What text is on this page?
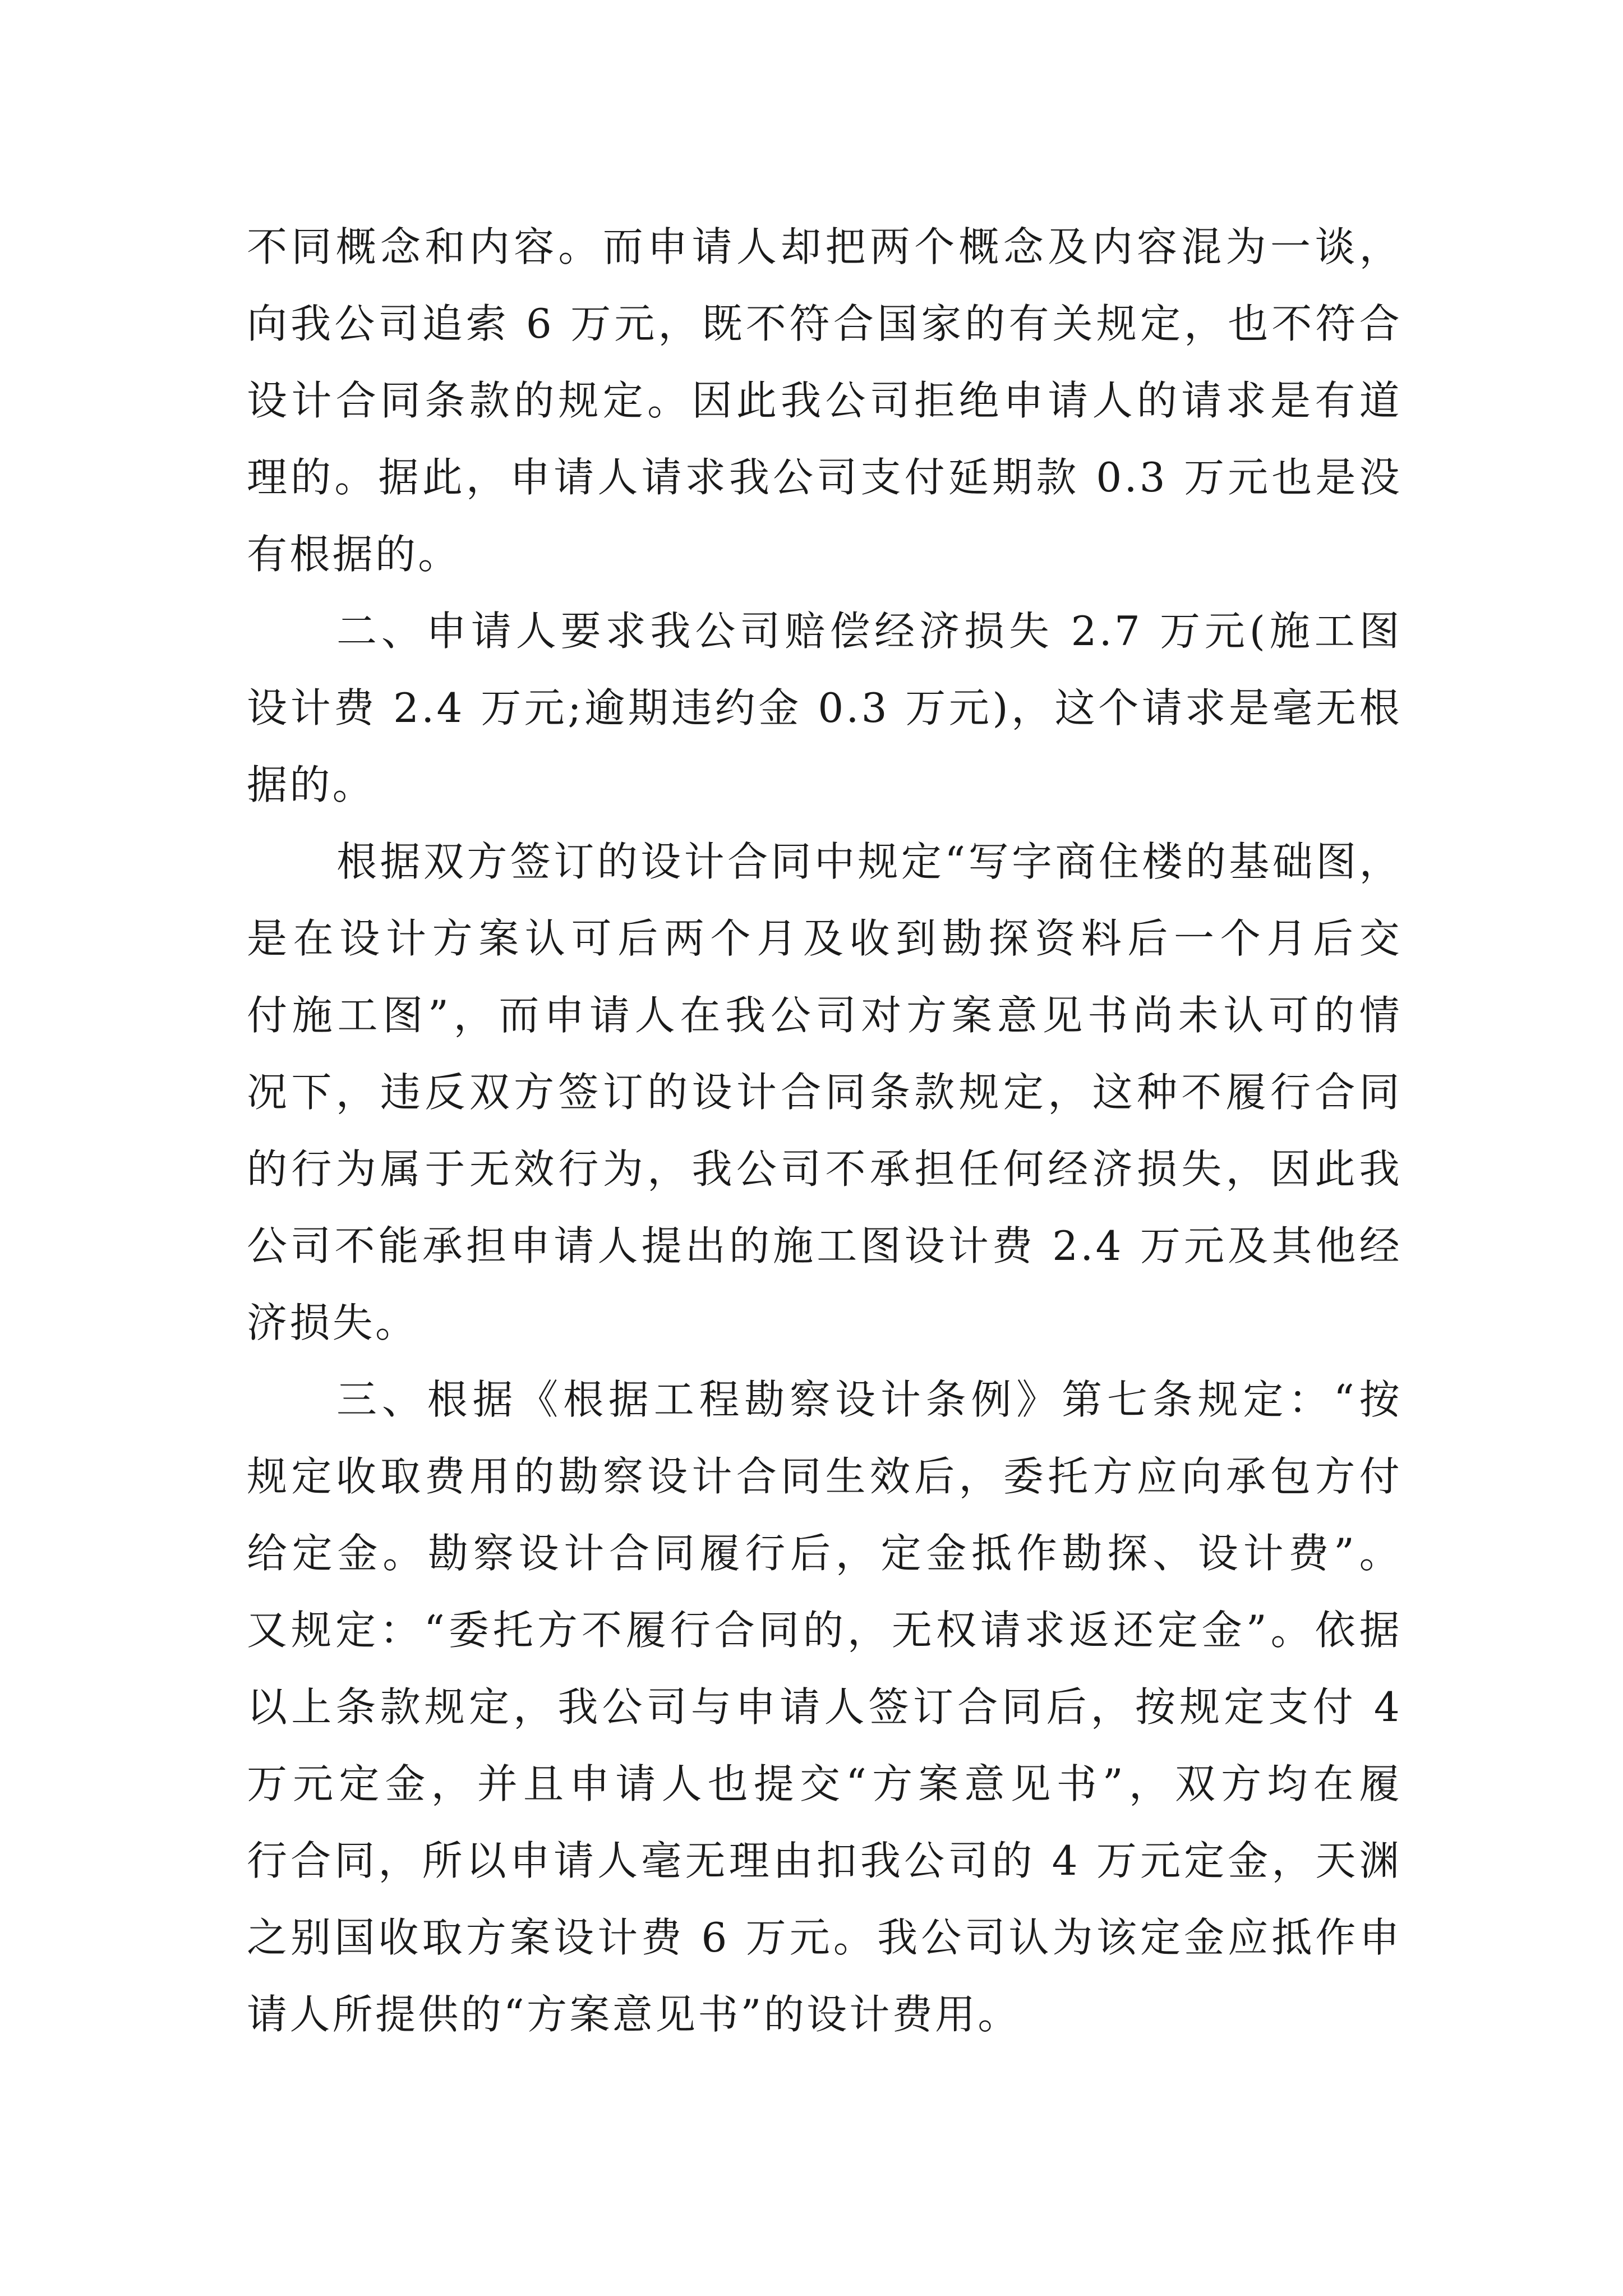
不同概念和内容。而申请人却把两个概念及内容混为一谈，
向我公司追索 6 万元，既不符合国家的有关规定，也不符合
设计合同条款的规定。因此我公司拒绝申请人的请求是有道
理的。据此，申请人请求我公司支付延期款 0.3 万元也是没
有根据的。
二、申请人要求我公司赔偿经济损失 2.7 万元(施工图
设计费 2.4 万元;逾期违约金 0.3 万元)，这个请求是毫无根
据的。
根据双方签订的设计合同中规定“写字商住楼的基础图，
是在设计方案认可后两个月及收到勘探资料后一个月后交
付施工图”，而申请人在我公司对方案意见书尚未认可的情
况下，违反双方签订的设计合同条款规定，这种不履行合同
的行为属于无效行为，我公司不承担任何经济损失，因此我
公司不能承担申请人提出的施工图设计费 2.4 万元及其他经
济损失。
三、根据《根据工程勘察设计条例》第七条规定：“按
规定收取费用的勘察设计合同生效后，委托方应向承包方付
给定金。勘察设计合同履行后，定金抵作勘探、设计费”。
又规定：“委托方不履行合同的，无权请求返还定金”。依据
以上条款规定，我公司与申请人签订合同后，按规定支付 4
万元定金，并且申请人也提交“方案意见书”，双方均在履
行合同，所以申请人毫无理由扣我公司的 4 万元定金，天渊
之别国收取方案设计费 6 万元。我公司认为该定金应抵作申
请人所提供的“方案意见书”的设计费用。
